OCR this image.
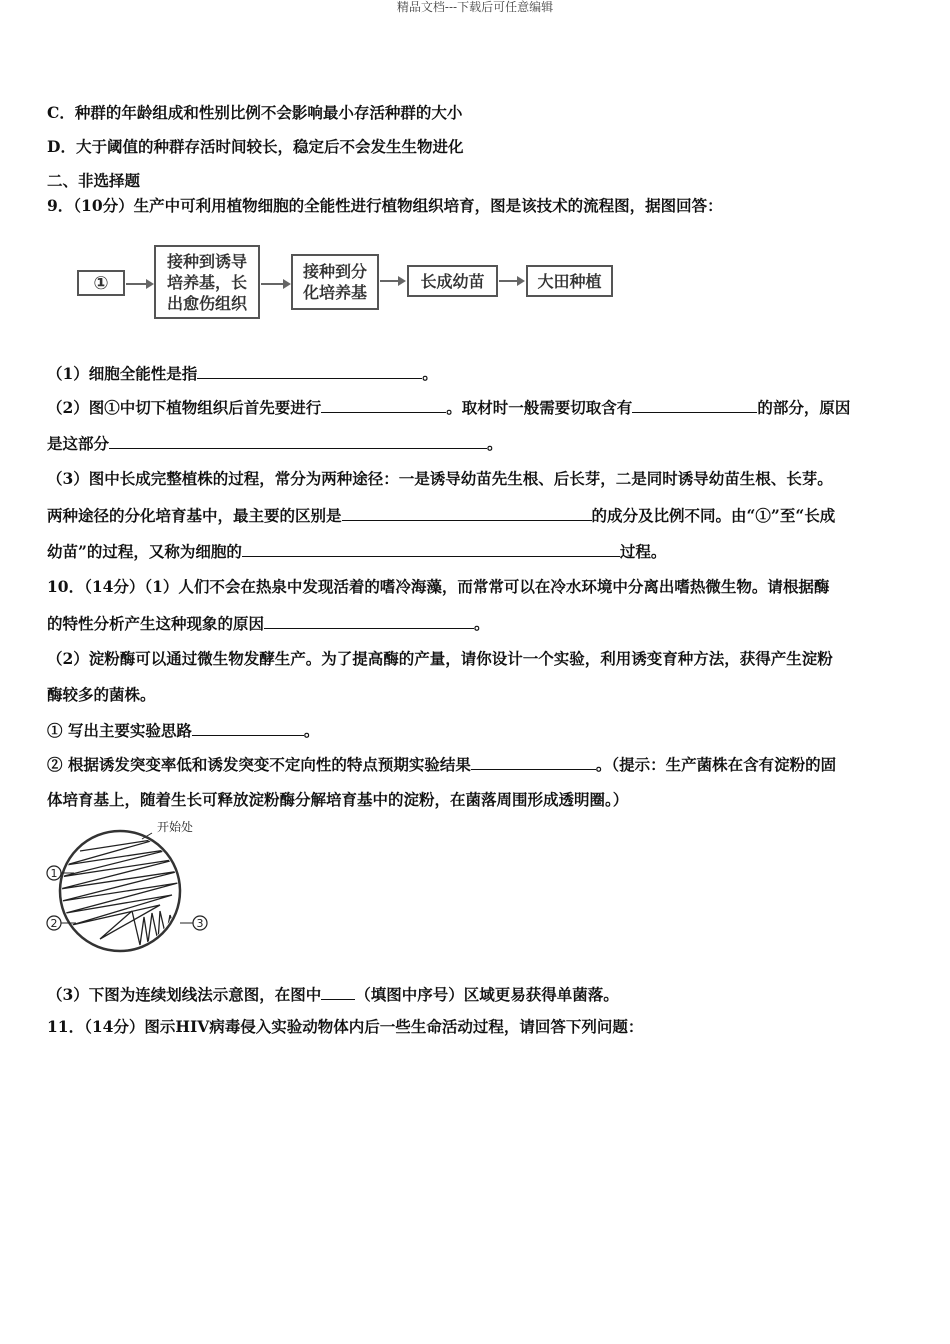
精品文档---下载后可任意编辑
C．种群的年龄组成和性别比例不会影响最小存活种群的大小
D．大于阈值的种群存活时间较长，稳定后不会发生生物进化
二、非选择题
9．（10分）生产中可利用植物细胞的全能性进行植物组织培育，图是该技术的流程图，据图回答：
①
接种到诱导培养基，长出愈伤组织
接种到分化培养基
长成幼苗	大田种植
（1）细胞全能性是指	。
（2）图①中切下植物组织后首先要进行	。取材时一般需要切取含有	的部分，原因
是这部分	。
（3）图中长成完整植株的过程，常分为两种途径：一是诱导幼苗先生根、后长芽，二是同时诱导幼苗生根、长芽。
两种途径的分化培育基中，最主要的区别是	的成分及比例不同。由“①”至“长成
幼苗”的过程，又称为细胞的	过程。
10．（14分）（1）人们不会在热泉中发现活着的嗜冷海藻，而常常可以在冷水环境中分离出嗜热微生物。请根据酶
的特性分析产生这种现象的原因	。
（2）淀粉酶可以通过微生物发酵生产。为了提高酶的产量，请你设计一个实验，利用诱变育种方法，获得产生淀粉
酶较多的菌株。
① 写出主要实验思路	。
② 根据诱发突变率低和诱发突变不定向性的特点预期实验结果	。（提示：生产菌株在含有淀粉的固
体培育基上，随着生长可释放淀粉酶分解培育基中的淀粉，在菌落周围形成透明圈。）
开始处
1
2	3
（3）下图为连续划线法示意图，在图中 （填图中序号）区域更易获得单菌落。
11．（14分）图示HIV病毒侵入实验动物体内后一些生命活动过程，请回答下列问题：
